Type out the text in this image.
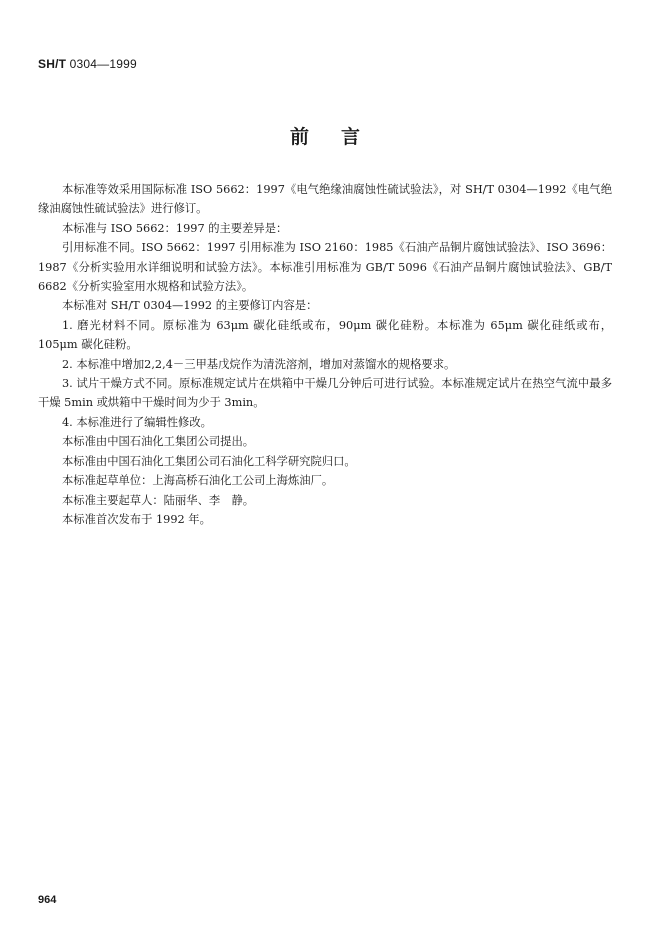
SH/T 0304—1999
前言

本标准等效采用国际标准 ISO 5662：1997《电气绝缘油腐蚀性硫试验法》，对 SH/T 0304—1992《电气绝缘油腐蚀性硫试验法》进行修订。

本标准与 ISO 5662：1997 的主要差异是：

引用标准不同。ISO 5662：1997 引用标准为 ISO 2160：1985《石油产品铜片腐蚀试验法》、ISO 3696：1987《分析实验用水详细说明和试验方法》。本标准引用标准为 GB/T 5096《石油产品铜片腐蚀试验法》、GB/T 6682《分析实验室用水规格和试验方法》。

本标准对 SH/T 0304—1992 的主要修订内容是：

1. 磨光材料不同。原标准为 63μm 碳化硅纸或布，90μm 碳化硅粉。本标准为 65μm 碳化硅纸或布，105μm 碳化硅粉。

2. 本标准中增加2,2,4－三甲基戊烷作为清洗溶剂，增加对蒸馏水的规格要求。

3. 试片干燥方式不同。原标准规定试片在烘箱中干燥几分钟后可进行试验。本标准规定试片在热空气流中最多干燥 5min 或烘箱中干燥时间为少于 3min。

4. 本标准进行了编辑性修改。

本标准由中国石油化工集团公司提出。

本标准由中国石油化工集团公司石油化工科学研究院归口。

本标准起草单位：上海高桥石油化工公司上海炼油厂。

本标准主要起草人：陆丽华、李　静。

本标准首次发布于 1992 年。

964
